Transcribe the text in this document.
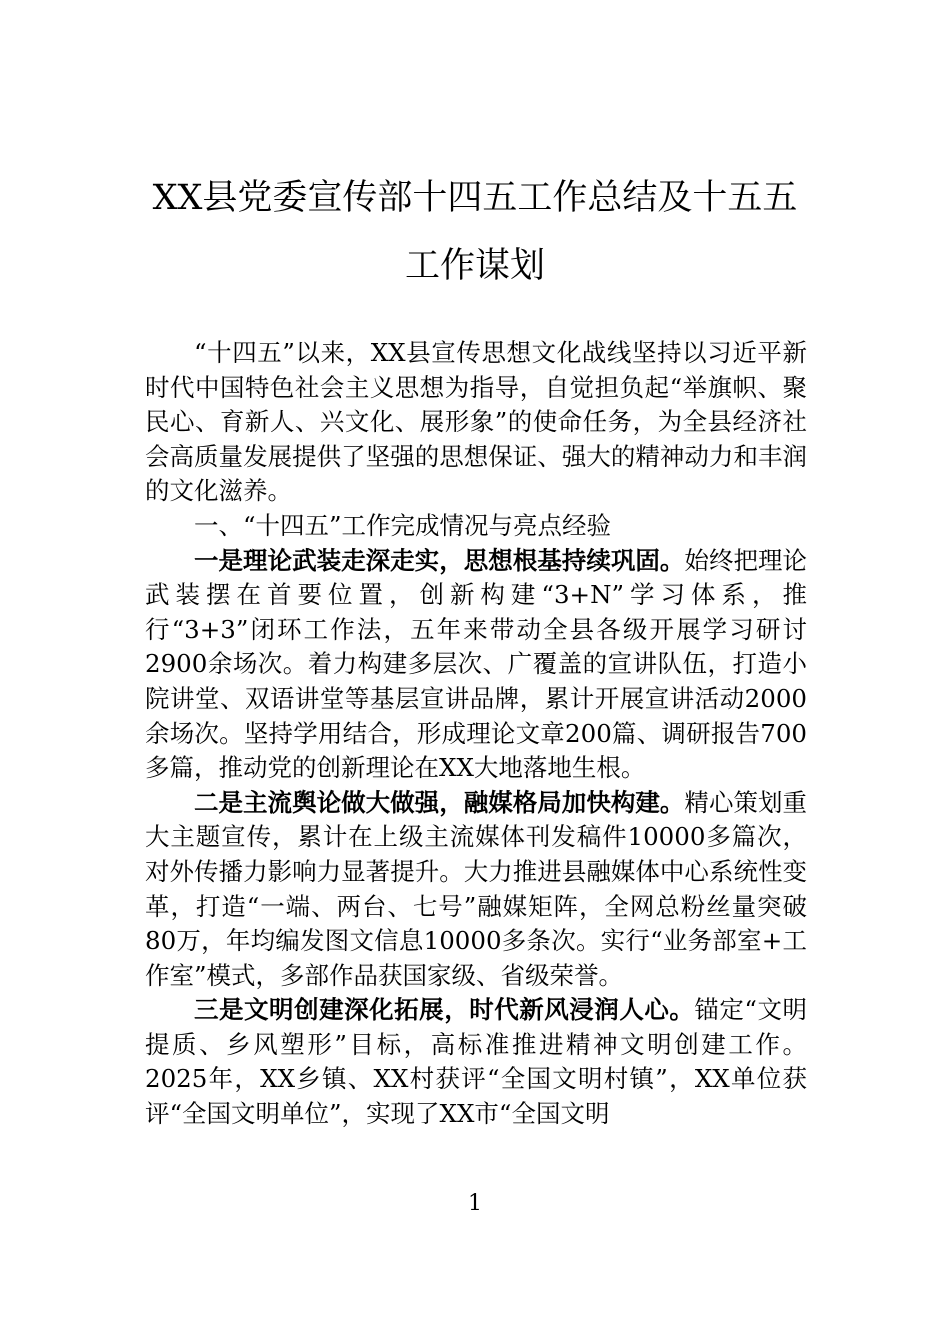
XX县党委宣传部十四五工作总结及十五五
工作谋划

“十四五”以来，XX县宣传思想文化战线坚持以习近平新时代中国特色社会主义思想为指导，自觉担负起“举旗帜、聚民心、育新人、兴文化、展形象”的使命任务，为全县经济社会高质量发展提供了坚强的思想保证、强大的精神动力和丰润的文化滋养。

一、“十四五”工作完成情况与亮点经验

一是理论武装走深走实，思想根基持续巩固。始终把理论武装摆在首要位置，创新构建“3+N”学习体系，推行“3+3”闭环工作法，五年来带动全县各级开展学习研讨2900余场次。着力构建多层次、广覆盖的宣讲队伍，打造小院讲堂、双语讲堂等基层宣讲品牌，累计开展宣讲活动2000余场次。坚持学用结合，形成理论文章200篇、调研报告700多篇，推动党的创新理论在XX大地落地生根。

二是主流舆论做大做强，融媒格局加快构建。精心策划重大主题宣传，累计在上级主流媒体刊发稿件10000多篇次，对外传播力影响力显著提升。大力推进县融媒体中心系统性变革，打造“一端、两台、七号”融媒矩阵，全网总粉丝量突破80万，年均编发图文信息10000多条次。实行“业务部室+工作室”模式，多部作品获国家级、省级荣誉。

三是文明创建深化拓展，时代新风浸润人心。锚定“文明提质、乡风塑形”目标，高标准推进精神文明创建工作。2025年，XX乡镇、XX村获评“全国文明村镇”，XX单位获评“全国文明单位”，实现了XX市“全国文明

1
